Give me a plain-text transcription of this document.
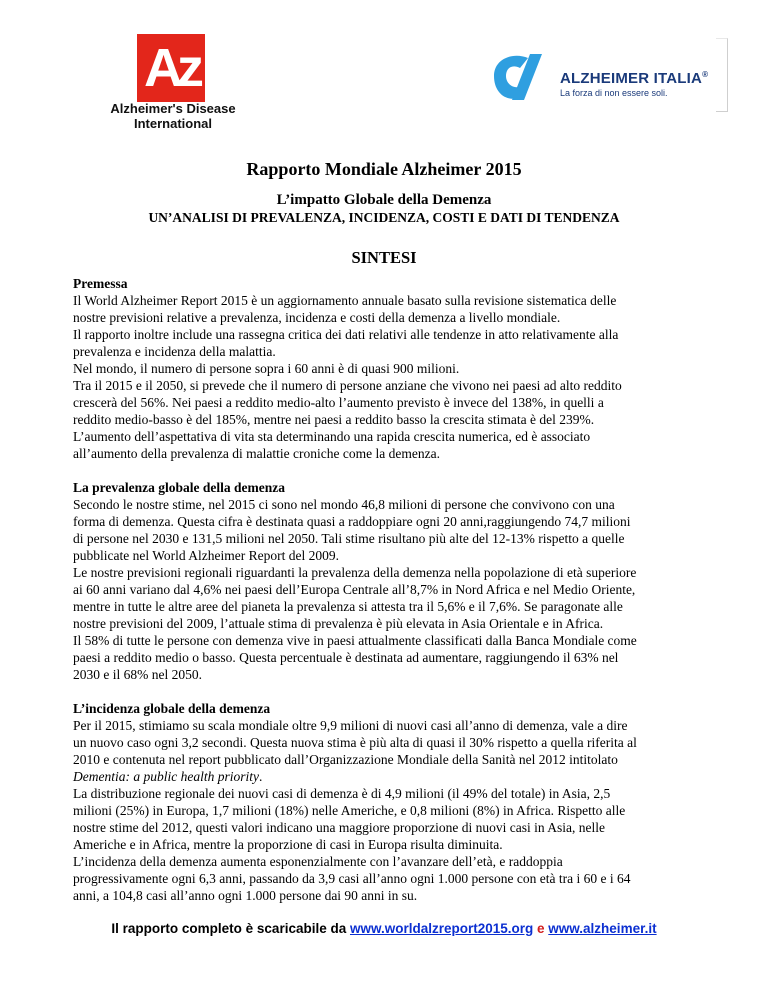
Az
Alzheimer's Disease
International
ALZHEIMER ITALIA®
La forza di non essere soli.
Rapporto Mondiale Alzheimer 2015
L’impatto Globale della Demenza
UN’ANALISI DI PREVALENZA, INCIDENZA, COSTI E DATI DI TENDENZA
SINTESI

Premessa

Il World Alzheimer Report 2015 è un aggiornamento annuale basato sulla revisione sistematica delle
nostre previsioni relative a prevalenza, incidenza e costi della demenza a livello mondiale.
Il rapporto inoltre include una rassegna critica dei dati relativi alle tendenze in atto relativamente alla
prevalenza e incidenza della malattia.
Nel mondo, il numero di persone sopra i 60 anni è di quasi 900 milioni.
Tra il 2015 e il 2050, si prevede che il numero di persone anziane che vivono nei paesi ad alto reddito
crescerà del 56%. Nei paesi a reddito medio-alto l’aumento previsto è invece del 138%, in quelli a
reddito medio-basso è del 185%, mentre nei paesi a reddito basso la crescita stimata è del 239%.
L’aumento dell’aspettativa di vita sta determinando una rapida crescita numerica, ed è associato
all’aumento della prevalenza di malattie croniche come la demenza.

La prevalenza globale della demenza

Secondo le nostre stime, nel 2015 ci sono nel mondo 46,8 milioni di persone che convivono con una
forma di demenza. Questa cifra è destinata quasi a raddoppiare ogni 20 anni,raggiungendo 74,7 milioni
di persone nel 2030 e 131,5 milioni nel 2050. Tali stime risultano più alte del 12-13% rispetto a quelle
pubblicate nel World Alzheimer Report del 2009.
Le nostre previsioni regionali riguardanti la prevalenza della demenza nella popolazione di età superiore
ai 60 anni variano dal 4,6% nei paesi dell’Europa Centrale all’8,7% in Nord Africa e nel Medio Oriente,
mentre in tutte le altre aree del pianeta la prevalenza si attesta tra il 5,6% e il 7,6%. Se paragonate alle
nostre previsioni del 2009, l’attuale stima di prevalenza è più elevata in Asia Orientale e in Africa.
Il 58% di tutte le persone con demenza vive in paesi attualmente classificati dalla Banca Mondiale come
paesi a reddito medio o basso. Questa percentuale è destinata ad aumentare, raggiungendo il 63% nel
2030 e il 68% nel 2050.

L’incidenza globale della demenza

Per il 2015, stimiamo su scala mondiale oltre 9,9 milioni di nuovi casi all’anno di demenza, vale a dire
un nuovo caso ogni 3,2 secondi. Questa nuova stima è più alta di quasi il 30% rispetto a quella riferita al
2010 e contenuta nel report pubblicato dall’Organizzazione Mondiale della Sanità nel 2012 intitolato
Dementia: a public health priority.
La distribuzione regionale dei nuovi casi di demenza è di 4,9 milioni (il 49% del totale) in Asia, 2,5
milioni (25%) in Europa, 1,7 milioni (18%) nelle Americhe, e 0,8 milioni (8%) in Africa. Rispetto alle
nostre stime del 2012, questi valori indicano una maggiore proporzione di nuovi casi in Asia, nelle
Americhe e in Africa, mentre la proporzione di casi in Europa risulta diminuita.
L’incidenza della demenza aumenta esponenzialmente con l’avanzare dell’età, e raddoppia
progressivamente ogni 6,3 anni, passando da 3,9 casi all’anno ogni 1.000 persone con età tra i 60 e i 64
anni, a 104,8 casi all’anno ogni 1.000 persone dai 90 anni in su.

Il rapporto completo è scaricabile da www.worldalzreport2015.org e www.alzheimer.it
